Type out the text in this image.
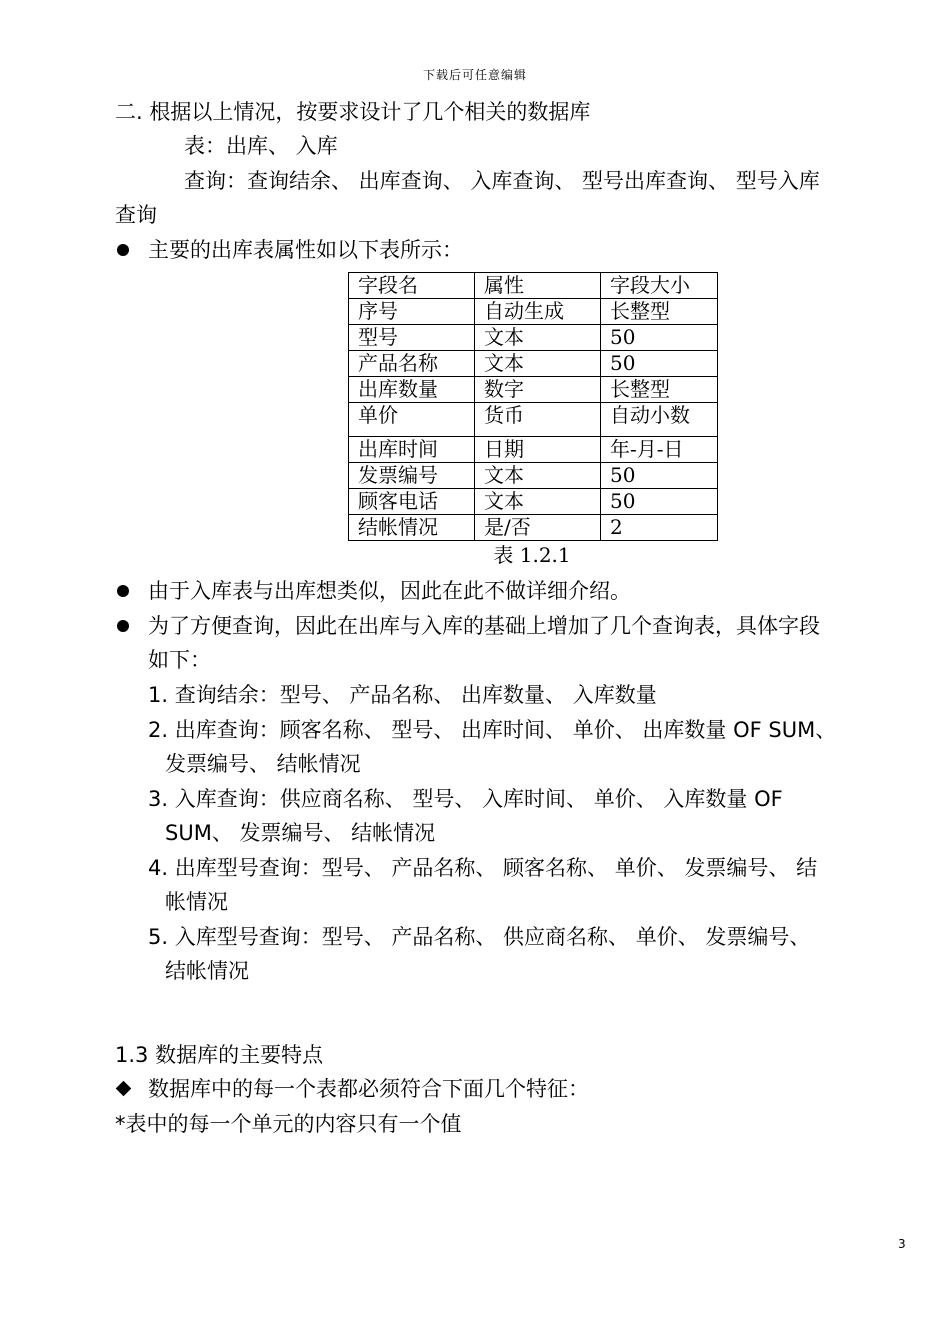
下载后可任意编辑
二. 根据以上情况，按要求设计了几个相关的数据库
表：出库、 入库
查询：查询结余、 出库查询、 入库查询、 型号出库查询、 型号入库
查询
主要的出库表属性如以下表所示：
字段名	属性	字段大小
序号	自动生成	长整型
型号	文本	50
产品名称	文本	50
出库数量	数字	长整型
单价	货币	自动小数
出库时间	日期	年-月-日
发票编号	文本	50
顾客电话	文本	50
结帐情况	是/否	2
表 1.2.1
由于入库表与出库想类似，因此在此不做详细介绍。
为了方便查询，因此在出库与入库的基础上增加了几个查询表，具体字段
如下：
1. 查询结余：型号、 产品名称、 出库数量、 入库数量
2. 出库查询：顾客名称、 型号、 出库时间、 单价、 出库数量 OF SUM、
发票编号、 结帐情况
3. 入库查询：供应商名称、 型号、 入库时间、 单价、 入库数量 OF
SUM、 发票编号、 结帐情况
4. 出库型号查询：型号、 产品名称、 顾客名称、 单价、 发票编号、 结
帐情况
5. 入库型号查询：型号、 产品名称、 供应商名称、 单价、 发票编号、
结帐情况
1.3 数据库的主要特点
数据库中的每一个表都必须符合下面几个特征：
*表中的每一个单元的内容只有一个值
3
